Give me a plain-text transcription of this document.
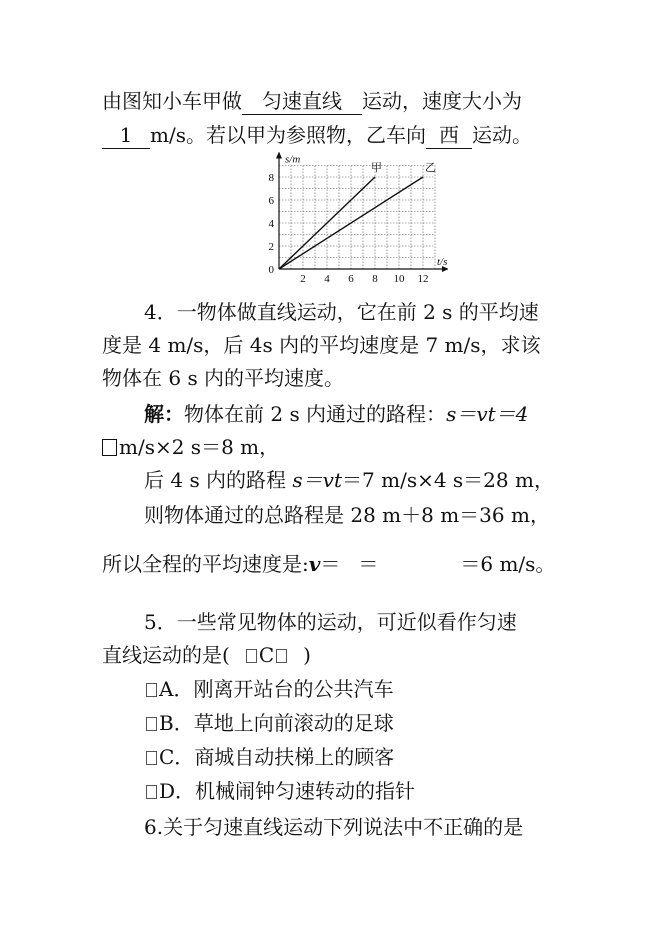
由图知小车甲做 匀速直线 运动，速度大小为
1 m/s。若以甲为参照物，乙车向 西 运动。
2 4 6 8 10 12
2
4
6
8
0
t/s
s/m
甲	乙
4．一物体做直线运动，它在前 2 s 的平均速
度是 4 m/s，后 4s 内的平均速度是 7 m/s，求该
物体在 6 s 内的平均速度。
解：物体在前 2 s 内通过的路程：s＝vt＝4
m/s×2 s＝8 m，
后 4 s 内的路程 s＝vt＝7 m/s×4 s＝28 m，
则物体通过的总路程是 28 m＋8 m＝36 m，
所以全程的平均速度是:v＝ ＝	＝6 m/s。
5．一些常见物体的运动，可近似看作匀速
直线运动的是( C )
A．刚离开站台的公共汽车
B．草地上向前滚动的足球
C．商城自动扶梯上的顾客
D．机械闹钟匀速转动的指针
6.关于匀速直线运动下列说法中不正确的是
